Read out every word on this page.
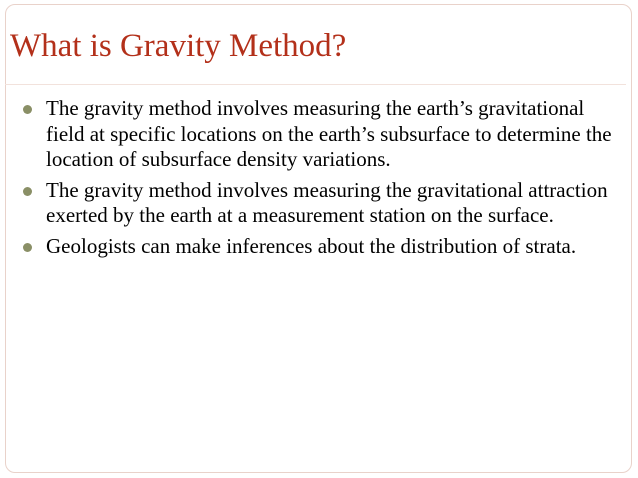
What is Gravity Method?
The gravity method involves measuring the earth’s gravitational field at specific locations on the earth’s subsurface to determine the location of subsurface density variations.
The gravity method involves measuring the gravitational attraction exerted by the earth at a measurement station on the surface.
Geologists can make inferences about the distribution of strata.
